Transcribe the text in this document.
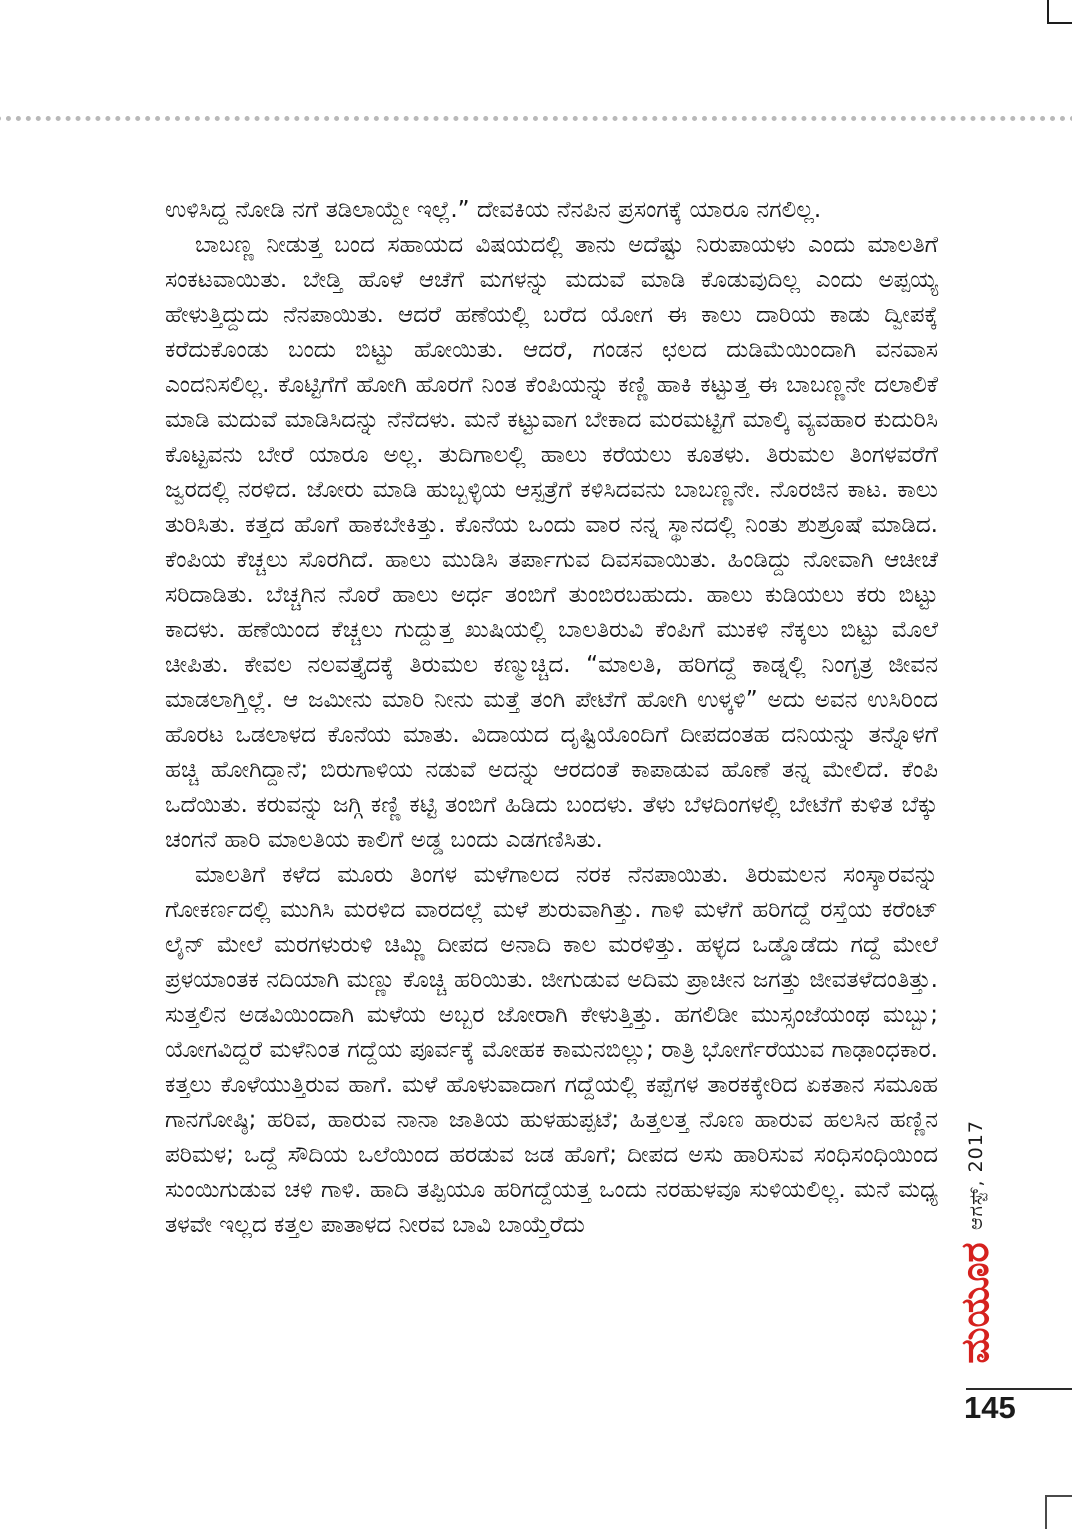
ಉಳಿಸಿದ್ದ ನೋಡಿ ನಗೆ ತಡಿಲಾಯ್ದೇ ಇಲ್ಲೆ.” ದೇವಕಿಯ ನೆನಪಿನ ಪ್ರಸಂಗಕ್ಕೆ ಯಾರೂ ನಗಲಿಲ್ಲ.

ಬಾಬಣ್ಣ ನೀಡುತ್ತ ಬಂದ ಸಹಾಯದ ವಿಷಯದಲ್ಲಿ ತಾನು ಅದೆಷ್ಟು ನಿರುಪಾಯಳು ಎಂದು ಮಾಲತಿಗೆ ಸಂಕಟವಾಯಿತು. ಬೇಡ್ತಿ ಹೊಳೆ ಆಚೆಗೆ ಮಗಳನ್ನು ಮದುವೆ ಮಾಡಿ ಕೊಡುವುದಿಲ್ಲ ಎಂದು ಅಪ್ಪಯ್ಯ ಹೇಳುತ್ತಿದ್ದುದು ನೆನಪಾಯಿತು. ಆದರೆ ಹಣೆಯಲ್ಲಿ ಬರೆದ ಯೋಗ ಈ ಕಾಲು ದಾರಿಯ ಕಾಡು ದ್ವೀಪಕ್ಕೆ ಕರೆದುಕೊಂಡು ಬಂದು ಬಿಟ್ಟು ಹೋಯಿತು. ಆದರೆ, ಗಂಡನ ಛಲದ ದುಡಿಮೆಯಿಂದಾಗಿ ವನವಾಸ ಎಂದನಿಸಲಿಲ್ಲ. ಕೊಟ್ಟಿಗೆಗೆ ಹೋಗಿ ಹೊರಗೆ ನಿಂತ ಕೆಂಪಿಯನ್ನು ಕಣ್ಣಿ ಹಾಕಿ ಕಟ್ಟುತ್ತ ಈ ಬಾಬಣ್ಣನೇ ದಲಾಲಿಕೆ ಮಾಡಿ ಮದುವೆ ಮಾಡಿಸಿದನ್ನು ನೆನೆದಳು. ಮನೆ ಕಟ್ಟುವಾಗ ಬೇಕಾದ ಮರಮಟ್ಟಿಗೆ ಮಾಲ್ಕಿ ವ್ಯವಹಾರ ಕುದುರಿಸಿ ಕೊಟ್ಟವನು ಬೇರೆ ಯಾರೂ ಅಲ್ಲ. ತುದಿಗಾಲಲ್ಲಿ ಹಾಲು ಕರೆಯಲು ಕೂತಳು. ತಿರುಮಲ ತಿಂಗಳವರೆಗೆ ಜ್ವರದಲ್ಲಿ ನರಳಿದ. ಜೋರು ಮಾಡಿ ಹುಬ್ಬಳ್ಳಿಯ ಆಸ್ಪತ್ರೆಗೆ ಕಳಿಸಿದವನು ಬಾಬಣ್ಣನೇ. ನೊರಜಿನ ಕಾಟ. ಕಾಲು ತುರಿಸಿತು. ಕತ್ತದ ಹೊಗೆ ಹಾಕಬೇಕಿತ್ತು. ಕೊನೆಯ ಒಂದು ವಾರ ನನ್ನ ಸ್ಥಾನದಲ್ಲಿ ನಿಂತು ಶುಶ್ರೂಷೆ ಮಾಡಿದ. ಕೆಂಪಿಯ ಕೆಚ್ಚಲು ಸೊರಗಿದೆ. ಹಾಲು ಮುಡಿಸಿ ತರ್ಪಾಗುವ ದಿವಸವಾಯಿತು. ಹಿಂಡಿದ್ದು ನೋವಾಗಿ ಆಚೀಚೆ ಸರಿದಾಡಿತು. ಬೆಚ್ಚಗಿನ ನೊರೆ ಹಾಲು ಅರ್ಧ ತಂಬಿಗೆ ತುಂಬಿರಬಹುದು. ಹಾಲು ಕುಡಿಯಲು ಕರು ಬಿಟ್ಟು ಕಾದಳು. ಹಣೆಯಿಂದ ಕೆಚ್ಚಲು ಗುದ್ದುತ್ತ ಖುಷಿಯಲ್ಲಿ ಬಾಲತಿರುವಿ ಕೆಂಪಿಗೆ ಮುಕಳಿ ನೆಕ್ಕಲು ಬಿಟ್ಟು ಮೊಲೆ ಚೀಪಿತು. ಕೇವಲ ನಲವತ್ತೈದಕ್ಕೆ ತಿರುಮಲ ಕಣ್ಮುಚ್ಚಿದ. “ಮಾಲತಿ, ಹರಿಗದ್ದೆ ಕಾಡ್ನಲ್ಲಿ ನಿಂಗೃತ್ರ ಜೀವನ ಮಾಡಲಾಗ್ತಿಲ್ಲೆ. ಆ ಜಮೀನು ಮಾರಿ ನೀನು ಮತ್ತೆ ತಂಗಿ ಪೇಟೆಗೆ ಹೋಗಿ ಉಳ್ಕಳಿ” ಅದು ಅವನ ಉಸಿರಿಂದ ಹೊರಟ ಒಡಲಾಳದ ಕೊನೆಯ ಮಾತು. ವಿದಾಯದ ದೃಷ್ಟಿಯೊಂದಿಗೆ ದೀಪದಂತಹ ದನಿಯನ್ನು ತನ್ನೊಳಗೆ ಹಚ್ಚಿ ಹೋಗಿದ್ದಾನೆ; ಬಿರುಗಾಳಿಯ ನಡುವೆ ಅದನ್ನು ಆರದಂತೆ ಕಾಪಾಡುವ ಹೊಣೆ ತನ್ನ ಮೇಲಿದೆ. ಕೆಂಪಿ ಒದೆಯಿತು. ಕರುವನ್ನು ಜಗ್ಗಿ ಕಣ್ಣಿ ಕಟ್ಟಿ ತಂಬಿಗೆ ಹಿಡಿದು ಬಂದಳು. ತೆಳು ಬೆಳದಿಂಗಳಲ್ಲಿ ಬೇಟೆಗೆ ಕುಳಿತ ಬೆಕ್ಕು ಚಂಗನೆ ಹಾರಿ ಮಾಲತಿಯ ಕಾಲಿಗೆ ಅಡ್ಡ ಬಂದು ಎಡಗಣಿಸಿತು.

ಮಾಲತಿಗೆ ಕಳೆದ ಮೂರು ತಿಂಗಳ ಮಳೆಗಾಲದ ನರಕ ನೆನಪಾಯಿತು. ತಿರುಮಲನ ಸಂಸ್ಕಾರವನ್ನು ಗೋಕರ್ಣದಲ್ಲಿ ಮುಗಿಸಿ ಮರಳಿದ ವಾರದಲ್ಲೆ ಮಳೆ ಶುರುವಾಗಿತ್ತು. ಗಾಳಿ ಮಳೆಗೆ ಹರಿಗದ್ದೆ ರಸ್ತೆಯ ಕರೆಂಟ್ ಲೈನ್ ಮೇಲೆ ಮರಗಳುರುಳಿ ಚಿಮ್ಣಿ ದೀಪದ ಅನಾದಿ ಕಾಲ ಮರಳಿತ್ತು. ಹಳ್ಳದ ಒಡ್ಡೊಡೆದು ಗದ್ದೆ ಮೇಲೆ ಪ್ರಳಯಾಂತಕ ನದಿಯಾಗಿ ಮಣ್ಣು ಕೊಚ್ಚಿ ಹರಿಯಿತು. ಜೀಗುಡುವ ಅದಿಮ ಪ್ರಾಚೀನ ಜಗತ್ತು ಜೀವತಳೆದಂತಿತ್ತು. ಸುತ್ತಲಿನ ಅಡವಿಯಿಂದಾಗಿ ಮಳೆಯ ಅಬ್ಬರ ಜೋರಾಗಿ ಕೇಳುತ್ತಿತ್ತು. ಹಗಲಿಡೀ ಮುಸ್ಸಂಜೆಯಂಥ ಮಬ್ಬು; ಯೋಗವಿದ್ದರೆ ಮಳೆನಿಂತ ಗದ್ದೆಯ ಪೂರ್ವಕ್ಕೆ ಮೋಹಕ ಕಾಮನಬಿಲ್ಲು; ರಾತ್ರಿ ಭೋರ್ಗೆರೆಯುವ ಗಾಢಾಂಧಕಾರ. ಕತ್ತಲು ಕೊಳೆಯುತ್ತಿರುವ ಹಾಗೆ. ಮಳೆ ಹೊಳುವಾದಾಗ ಗದ್ದೆಯಲ್ಲಿ ಕಪ್ಪೆಗಳ ತಾರಕಕ್ಕೇರಿದ ಏಕತಾನ ಸಮೂಹ ಗಾನಗೋಷ್ಠಿ; ಹರಿವ, ಹಾರುವ ನಾನಾ ಜಾತಿಯ ಹುಳಹುಪ್ಪಟೆ; ಹಿತ್ತಲತ್ತ ನೊಣ ಹಾರುವ ಹಲಸಿನ ಹಣ್ಣಿನ ಪರಿಮಳ; ಒದ್ದೆ ಸೌದಿಯ ಒಲೆಯಿಂದ ಹರಡುವ ಜಡ ಹೊಗೆ; ದೀಪದ ಅಸು ಹಾರಿಸುವ ಸಂಧಿಸಂಧಿಯಿಂದ ಸುಂಯಿಗುಡುವ ಚಳಿ ಗಾಳಿ. ಹಾದಿ ತಪ್ಪಿಯೂ ಹರಿಗದ್ದೆಯತ್ತ ಒಂದು ನರಹುಳವೂ ಸುಳಿಯಲಿಲ್ಲ. ಮನೆ ಮಧ್ಯ ತಳವೇ ಇಲ್ಲದ ಕತ್ತಲ ಪಾತಾಳದ ನೀರವ ಬಾವಿ ಬಾಯ್ತೆರೆದು	ಆಗಸ್ಟ್, 2017
ಮಯೂರ
145
